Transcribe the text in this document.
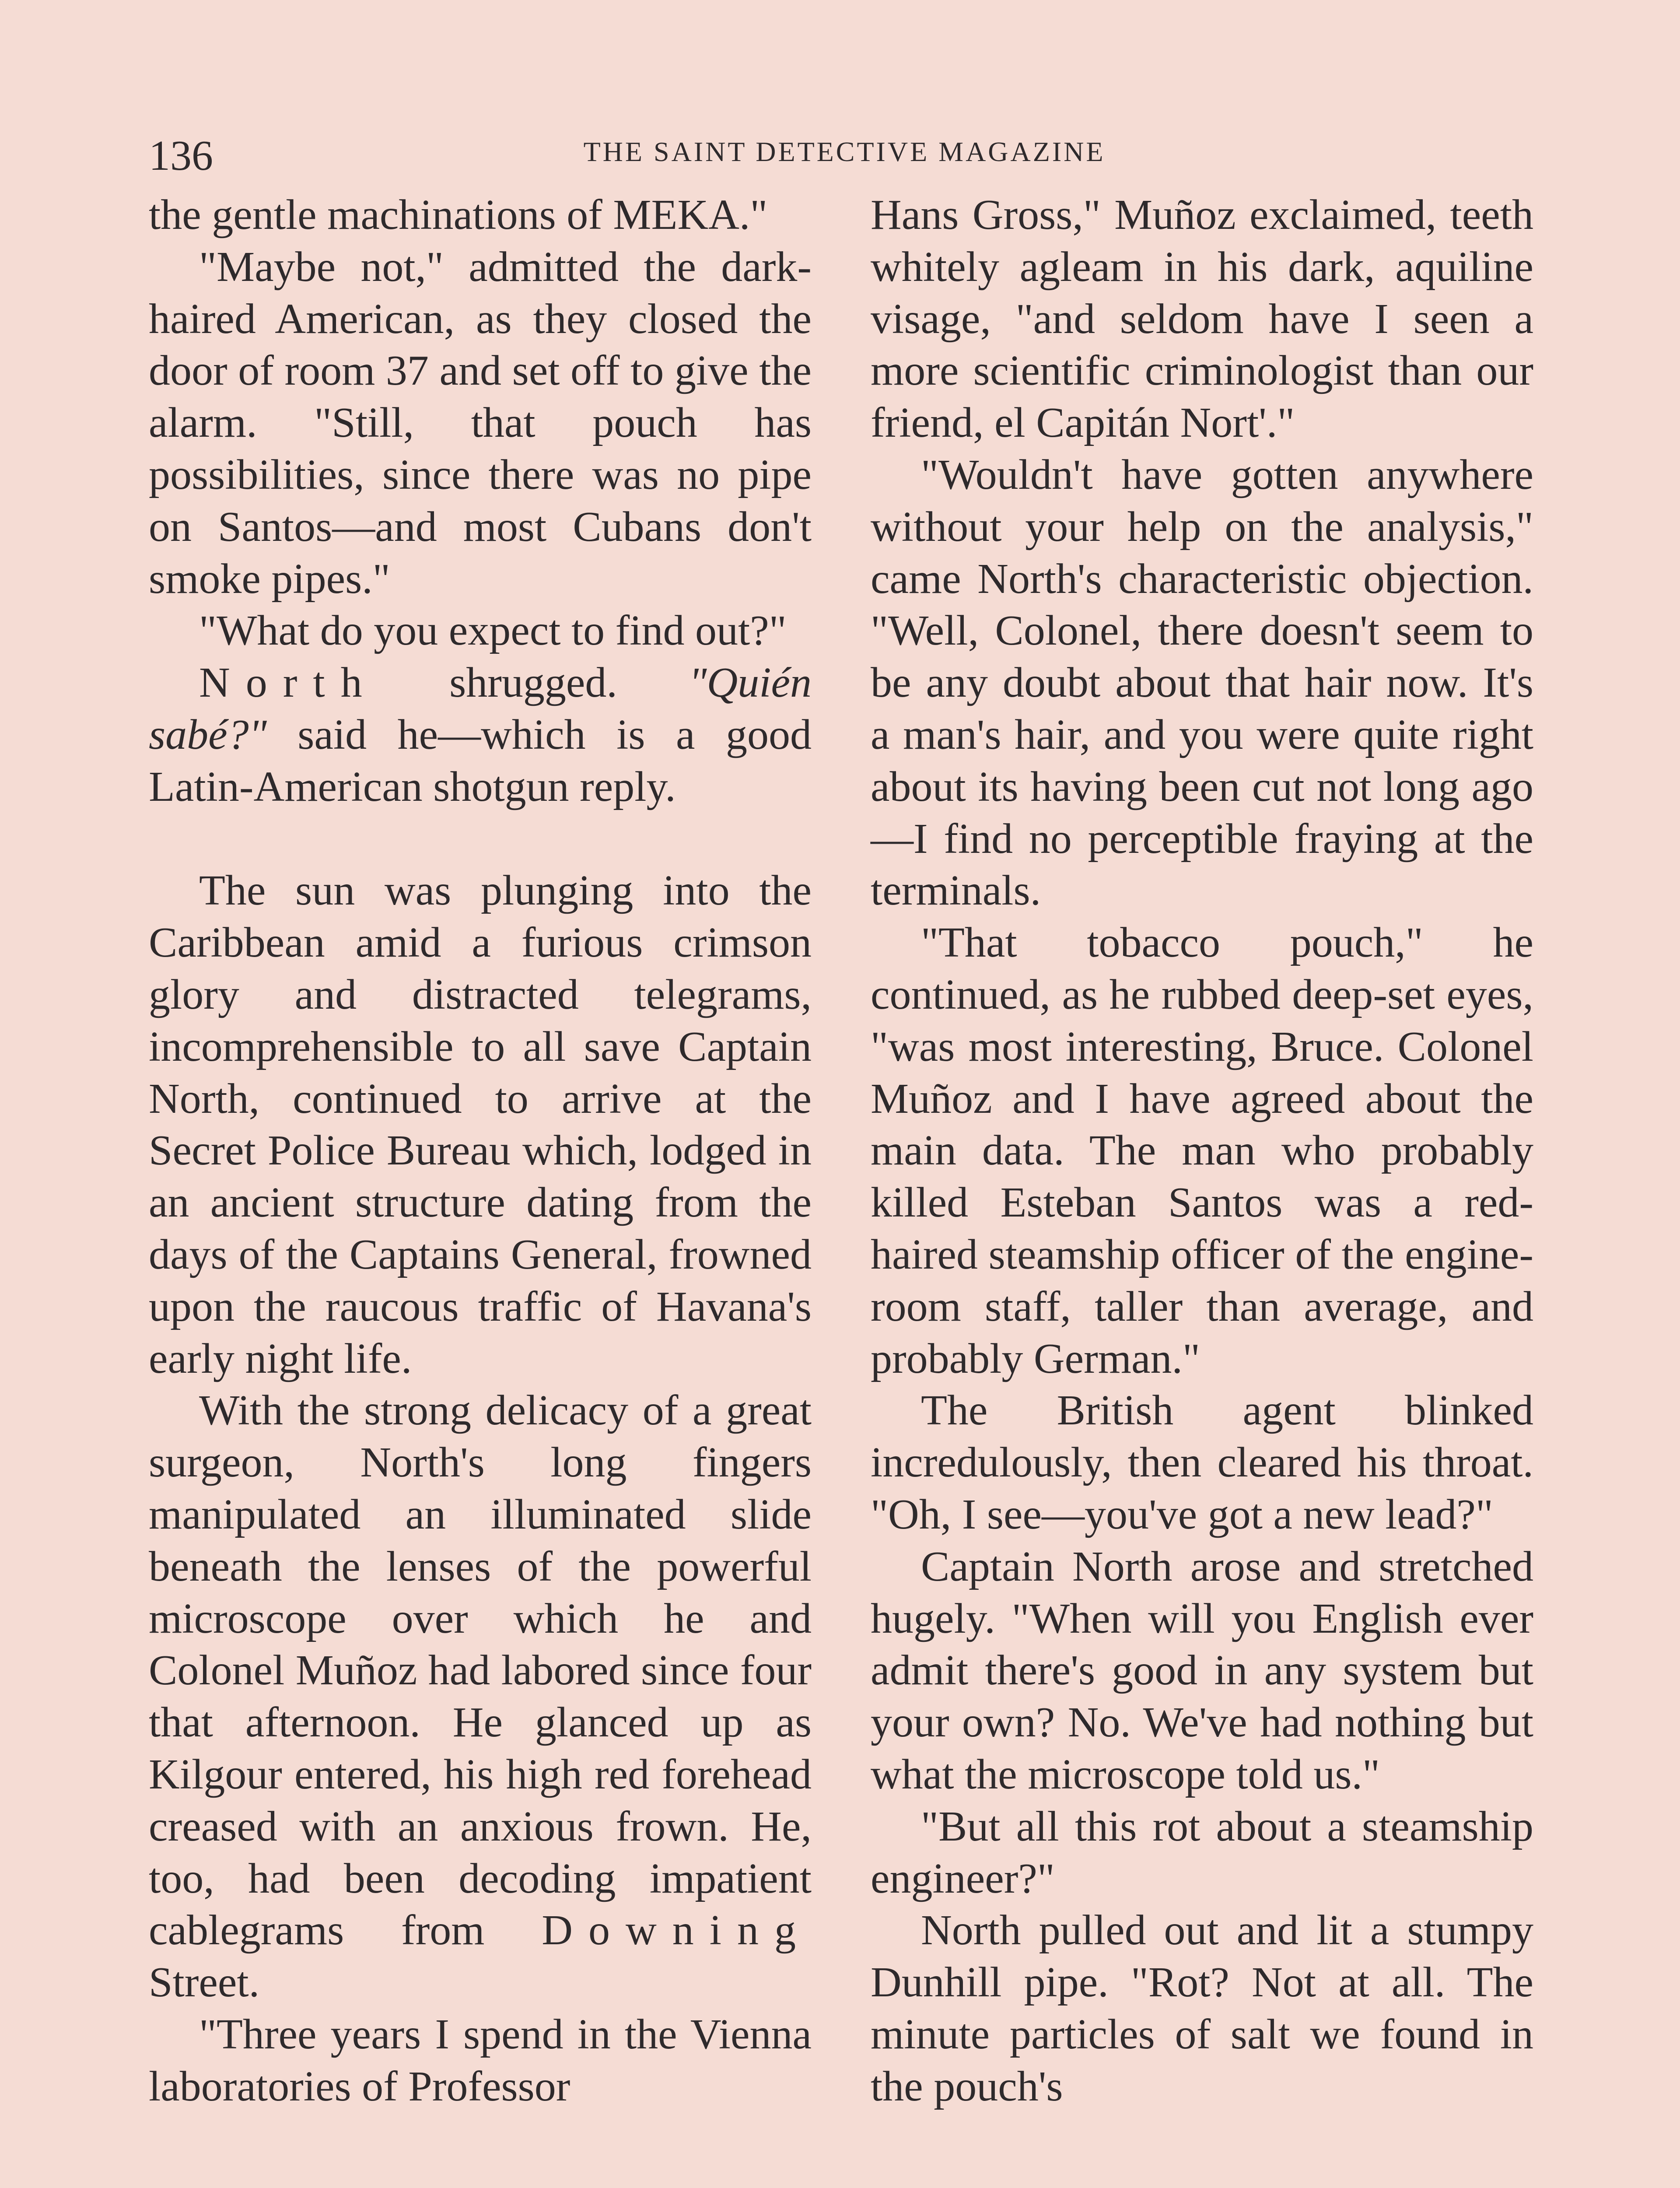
136	THE SAINT DETECTIVE MAGAZINE

the gentle machinations of MEKA."

"Maybe not," admitted the dark-haired American, as they closed the door of room 37 and set off to give the alarm. "Still, that pouch has possibilities, since there was no pipe on Santos—and most Cubans don't smoke pipes."

"What do you expect to find out?"

North shrugged. "Quién sabé?" said he—which is a good Latin-American shotgun reply.

The sun was plunging into the Caribbean amid a furious crimson glory and distracted telegrams, incomprehensible to all save Captain North, continued to arrive at the Secret Police Bureau which, lodged in an ancient structure dating from the days of the Captains General, frowned upon the raucous traffic of Havana's early night life.

With the strong delicacy of a great surgeon, North's long fingers manipulated an illuminated slide beneath the lenses of the powerful microscope over which he and Colonel Muñoz had labored since four that afternoon. He glanced up as Kilgour entered, his high red forehead creased with an anxious frown. He, too, had been decoding impatient cablegrams from Downing Street.

"Three years I spend in the Vienna laboratories of Professor

Hans Gross," Muñoz exclaimed, teeth whitely agleam in his dark, aquiline visage, "and seldom have I seen a more scientific criminologist than our friend, el Capitán Nort'."

"Wouldn't have gotten anywhere without your help on the analysis," came North's characteristic objection. "Well, Colonel, there doesn't seem to be any doubt about that hair now. It's a man's hair, and you were quite right about its having been cut not long ago—I find no perceptible fraying at the terminals.

"That tobacco pouch," he continued, as he rubbed deep-set eyes, "was most interesting, Bruce. Colonel Muñoz and I have agreed about the main data. The man who probably killed Esteban Santos was a red-haired steamship officer of the engine-room staff, taller than average, and probably German."

The British agent blinked incredulously, then cleared his throat. "Oh, I see—you've got a new lead?"

Captain North arose and stretched hugely. "When will you English ever admit there's good in any system but your own? No. We've had nothing but what the microscope told us."

"But all this rot about a steamship engineer?"

North pulled out and lit a stumpy Dunhill pipe. "Rot? Not at all. The minute particles of salt we found in the pouch's
